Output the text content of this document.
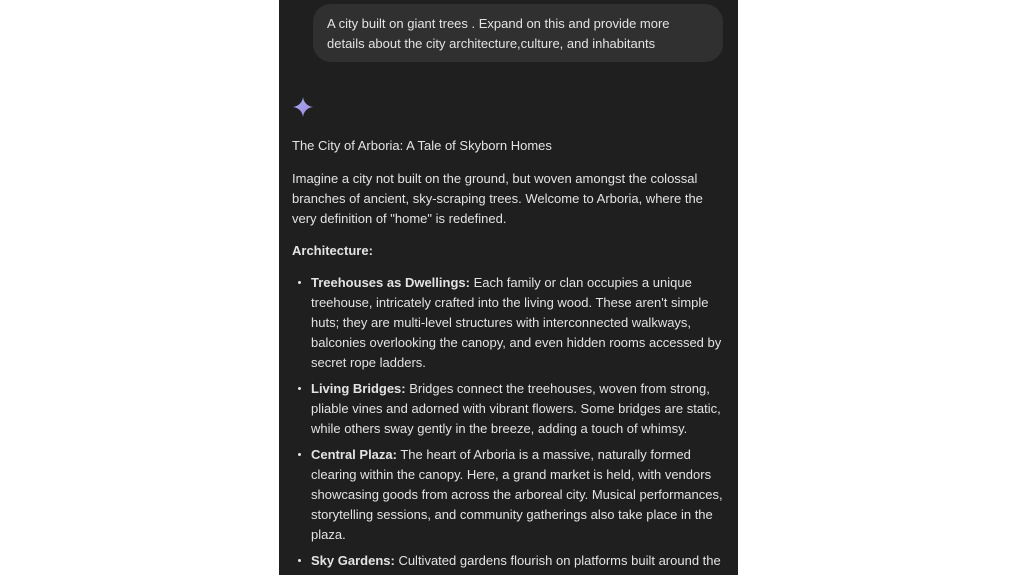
A city built on giant trees . Expand on this and provide more details about the city architecture,culture, and inhabitants

The City of Arboria: A Tale of Skyborn Homes

Imagine a city not built on the ground, but woven amongst the colossal branches of ancient, sky-scraping trees. Welcome to Arboria, where the very definition of "home" is redefined.

Architecture:

Treehouses as Dwellings: Each family or clan occupies a unique treehouse, intricately crafted into the living wood. These aren't simple huts; they are multi-level structures with interconnected walkways, balconies overlooking the canopy, and even hidden rooms accessed by secret rope ladders.
Living Bridges: Bridges connect the treehouses, woven from strong, pliable vines and adorned with vibrant flowers. Some bridges are static, while others sway gently in the breeze, adding a touch of whimsy.
Central Plaza: The heart of Arboria is a massive, naturally formed clearing within the canopy. Here, a grand market is held, with vendors showcasing goods from across the arboreal city. Musical performances, storytelling sessions, and community gatherings also take place in the plaza.
Sky Gardens: Cultivated gardens flourish on platforms built around the
